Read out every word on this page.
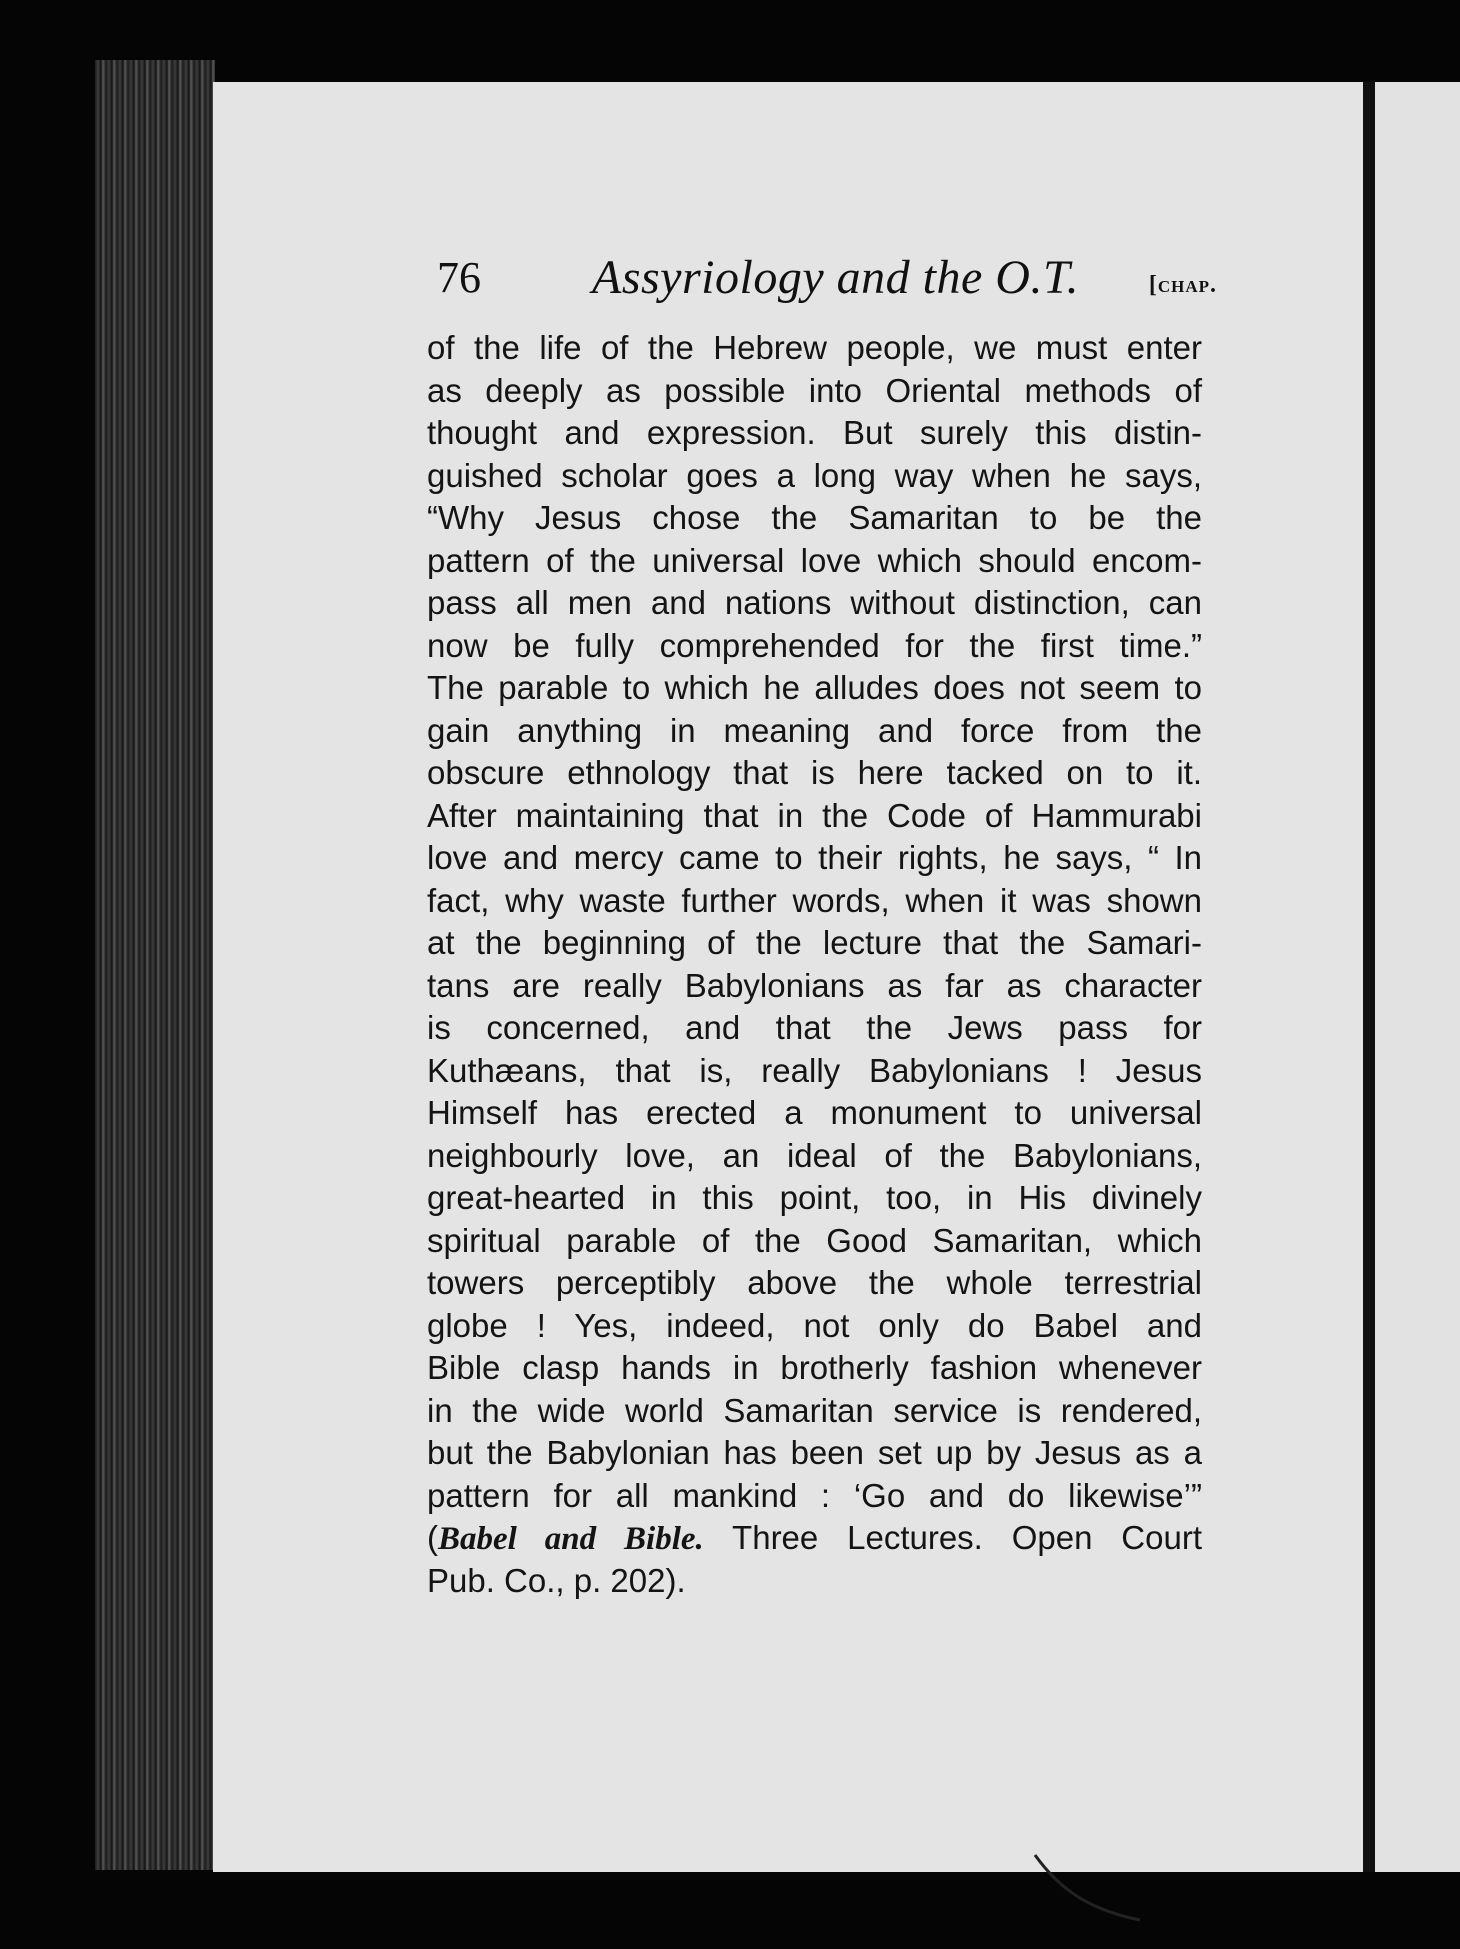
76 Assyriology and the O.T.	[chap.
of the life of the Hebrew people, we must enter
as deeply as possible into Oriental methods of
thought and expression. But surely this distin-
guished scholar goes a long way when he says,
“Why Jesus chose the Samaritan to be the
pattern of the universal love which should encom-
pass all men and nations without distinction, can
now be fully comprehended for the first time.”
The parable to which he alludes does not seem to
gain anything in meaning and force from the
obscure ethnology that is here tacked on to it.
After maintaining that in the Code of Hammurabi
love and mercy came to their rights, he says, “ In
fact, why waste further words, when it was shown
at the beginning of the lecture that the Samari-
tans are really Babylonians as far as character
is concerned, and that the Jews pass for
Kuthæans, that is, really Babylonians ! Jesus
Himself has erected a monument to universal
neighbourly love, an ideal of the Babylonians,
great-hearted in this point, too, in His divinely
spiritual parable of the Good Samaritan, which
towers perceptibly above the whole terrestrial
globe ! Yes, indeed, not only do Babel and
Bible clasp hands in brotherly fashion whenever
in the wide world Samaritan service is rendered,
but the Babylonian has been set up by Jesus as a
pattern for all mankind : ‘Go and do likewise’”
(Babel and Bible. Three Lectures. Open Court
Pub. Co., p. 202).
